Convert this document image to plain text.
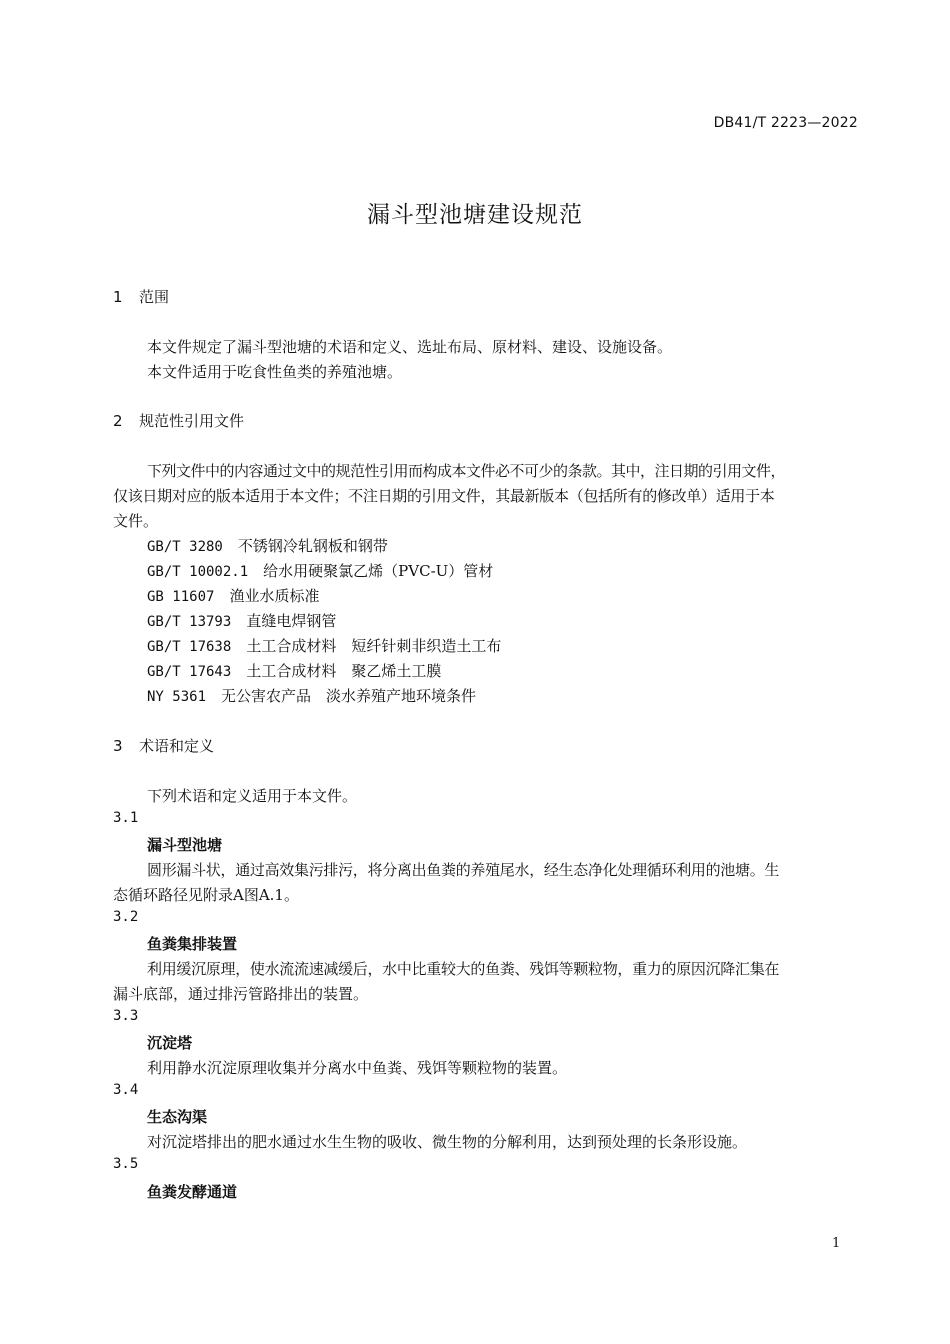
DB41/T 2223—2022
漏斗型池塘建设规范
1 范围
本文件规定了漏斗型池塘的术语和定义、选址布局、原材料、建设、设施设备。
本文件适用于吃食性鱼类的养殖池塘。
2 规范性引用文件
下列文件中的内容通过文中的规范性引用而构成本文件必不可少的条款。其中，注日期的引用文件，
仅该日期对应的版本适用于本文件；不注日期的引用文件，其最新版本（包括所有的修改单）适用于本
文件。
GB/T 3280　 不锈钢冷轧钢板和钢带
GB/T 10002.1　 给水用硬聚氯乙烯（PVC-U）管材
GB 11607　 渔业水质标准
GB/T 13793　 直缝电焊钢管
GB/T 17638　 土工合成材料　短纤针刺非织造土工布
GB/T 17643　 土工合成材料　聚乙烯土工膜
NY 5361　 无公害农产品　淡水养殖产地环境条件
3 术语和定义
下列术语和定义适用于本文件。
3.1
漏斗型池塘
圆形漏斗状，通过高效集污排污，将分离出鱼粪的养殖尾水，经生态净化处理循环利用的池塘。生
态循环路径见附录A图A.1。
3.2
鱼粪集排装置
利用缓沉原理，使水流流速减缓后，水中比重较大的鱼粪、残饵等颗粒物，重力的原因沉降汇集在
漏斗底部，通过排污管路排出的装置。
3.3
沉淀塔
利用静水沉淀原理收集并分离水中鱼粪、残饵等颗粒物的装置。
3.4
生态沟渠
对沉淀塔排出的肥水通过水生生物的吸收、微生物的分解利用，达到预处理的长条形设施。
3.5
鱼粪发酵通道
1
